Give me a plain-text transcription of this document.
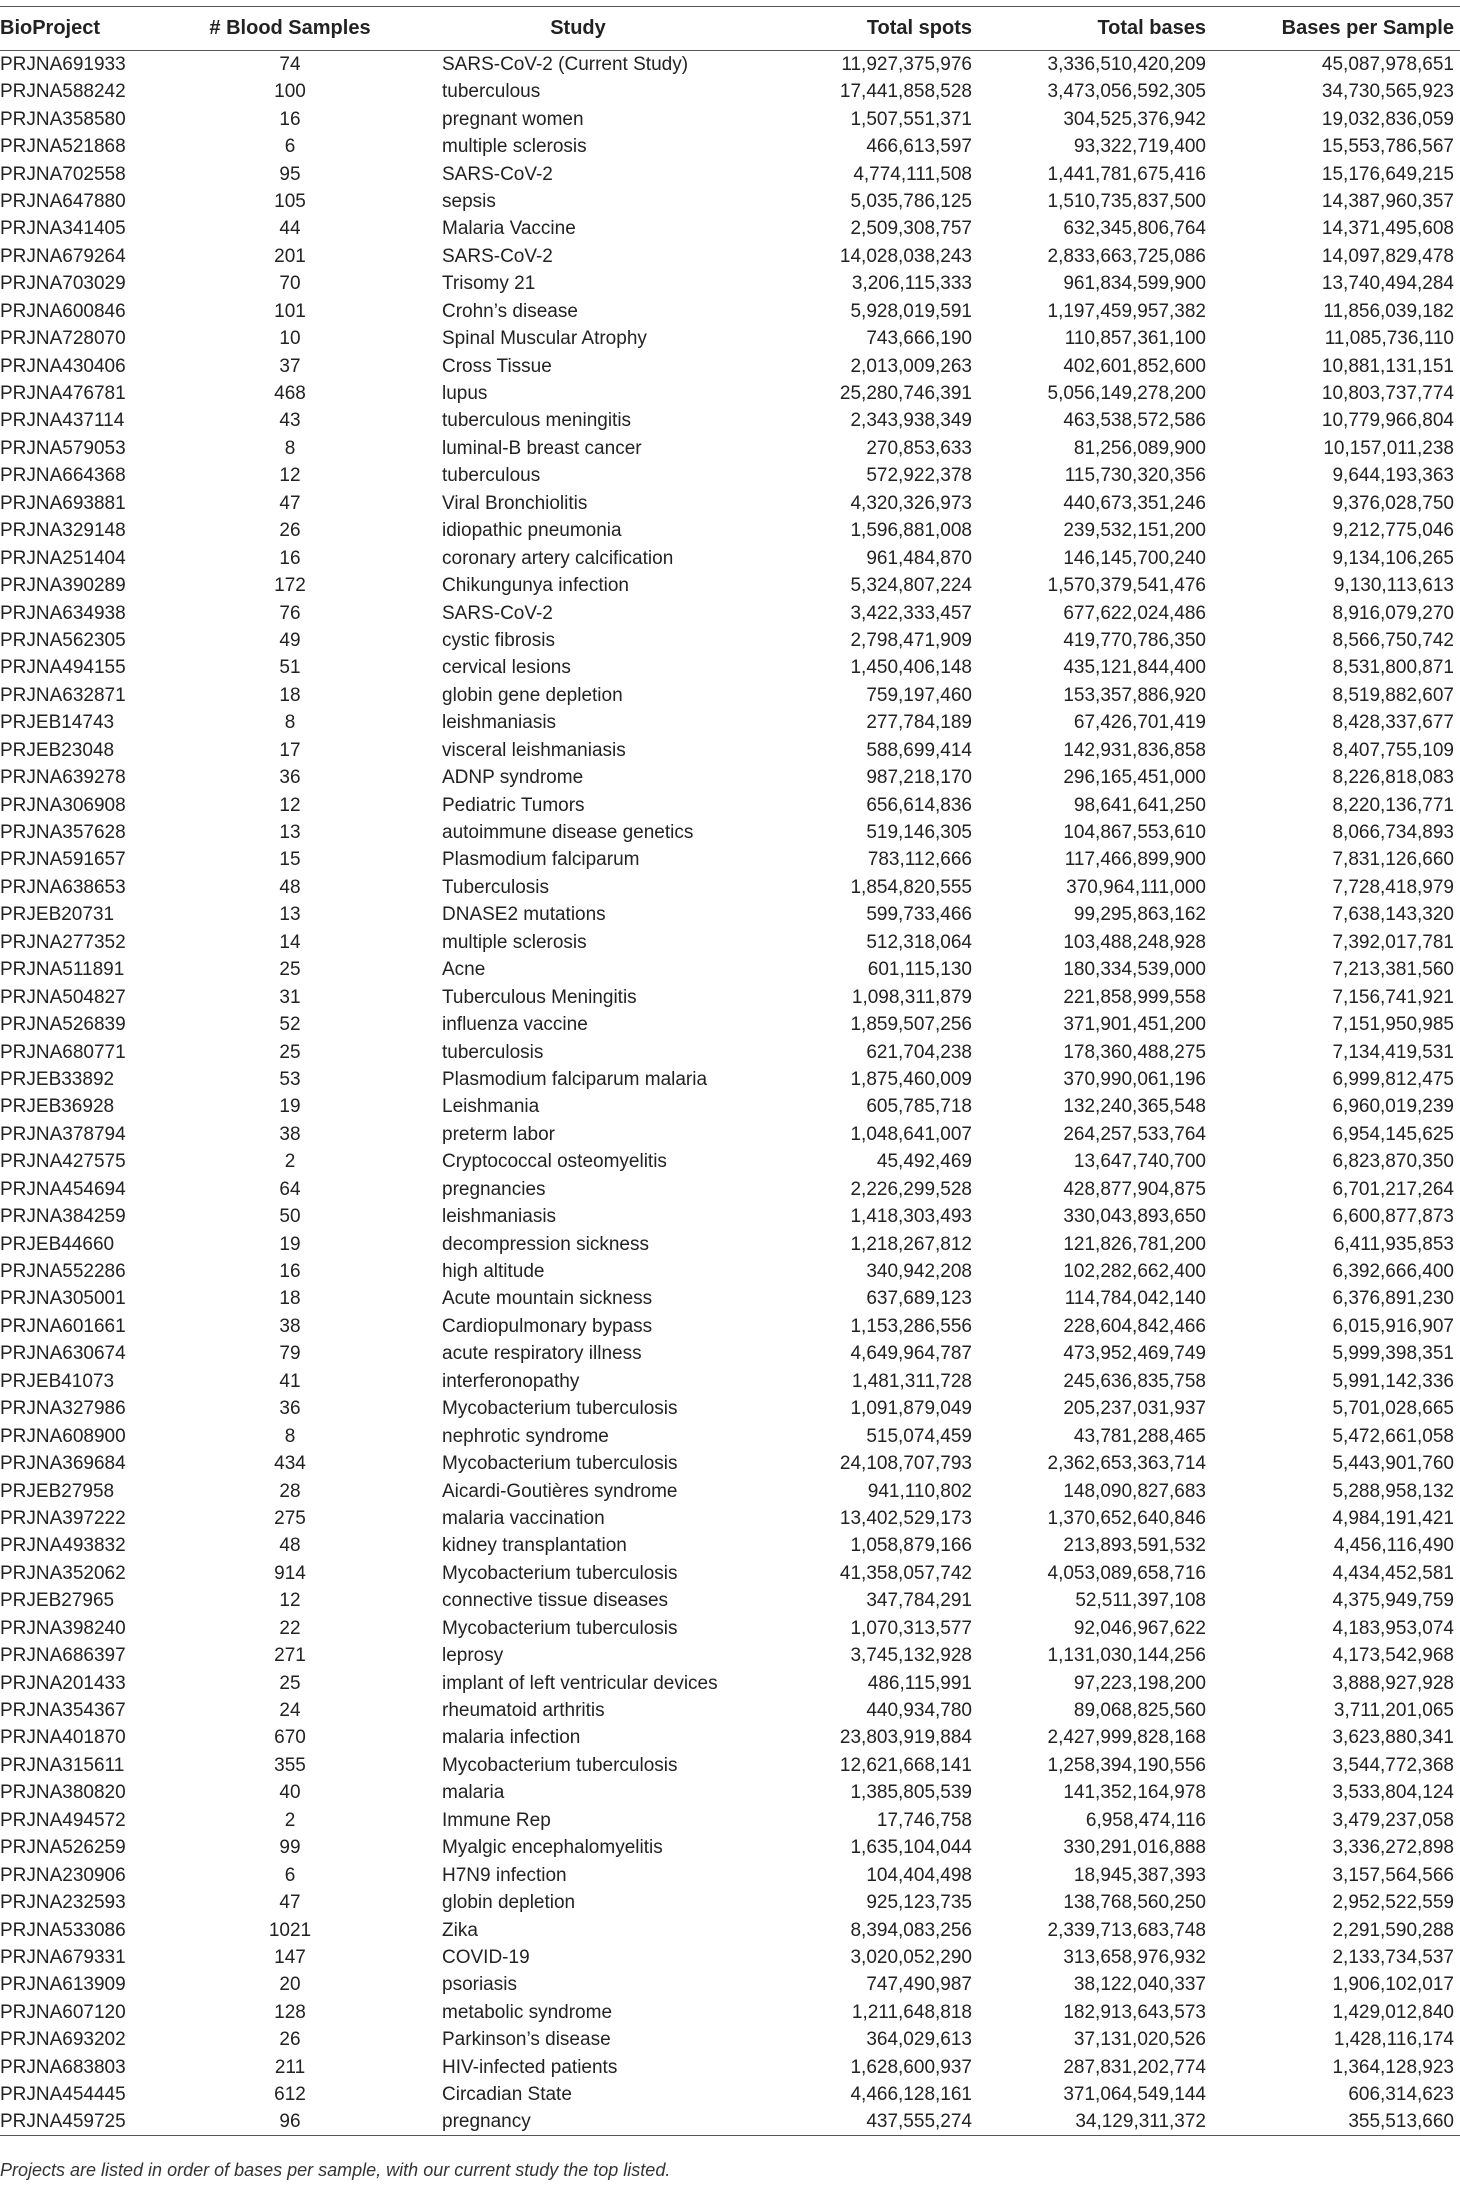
BioProject	# Blood Samples	Study	Total spots	Total bases	Bases per Sample
PRJNA691933	74	SARS-CoV-2 (Current Study)	11,927,375,976	3,336,510,420,209	45,087,978,651
PRJNA588242	100	tuberculous	17,441,858,528	3,473,056,592,305	34,730,565,923
PRJNA358580	16	pregnant women	1,507,551,371	304,525,376,942	19,032,836,059
PRJNA521868	6	multiple sclerosis	466,613,597	93,322,719,400	15,553,786,567
PRJNA702558	95	SARS-CoV-2	4,774,111,508	1,441,781,675,416	15,176,649,215
PRJNA647880	105	sepsis	5,035,786,125	1,510,735,837,500	14,387,960,357
PRJNA341405	44	Malaria Vaccine	2,509,308,757	632,345,806,764	14,371,495,608
PRJNA679264	201	SARS-CoV-2	14,028,038,243	2,833,663,725,086	14,097,829,478
PRJNA703029	70	Trisomy 21	3,206,115,333	961,834,599,900	13,740,494,284
PRJNA600846	101	Crohn’s disease	5,928,019,591	1,197,459,957,382	11,856,039,182
PRJNA728070	10	Spinal Muscular Atrophy	743,666,190	110,857,361,100	11,085,736,110
PRJNA430406	37	Cross Tissue	2,013,009,263	402,601,852,600	10,881,131,151
PRJNA476781	468	lupus	25,280,746,391	5,056,149,278,200	10,803,737,774
PRJNA437114	43	tuberculous meningitis	2,343,938,349	463,538,572,586	10,779,966,804
PRJNA579053	8	luminal-B breast cancer	270,853,633	81,256,089,900	10,157,011,238
PRJNA664368	12	tuberculous	572,922,378	115,730,320,356	9,644,193,363
PRJNA693881	47	Viral Bronchiolitis	4,320,326,973	440,673,351,246	9,376,028,750
PRJNA329148	26	idiopathic pneumonia	1,596,881,008	239,532,151,200	9,212,775,046
PRJNA251404	16	coronary artery calcification	961,484,870	146,145,700,240	9,134,106,265
PRJNA390289	172	Chikungunya infection	5,324,807,224	1,570,379,541,476	9,130,113,613
PRJNA634938	76	SARS-CoV-2	3,422,333,457	677,622,024,486	8,916,079,270
PRJNA562305	49	cystic fibrosis	2,798,471,909	419,770,786,350	8,566,750,742
PRJNA494155	51	cervical lesions	1,450,406,148	435,121,844,400	8,531,800,871
PRJNA632871	18	globin gene depletion	759,197,460	153,357,886,920	8,519,882,607
PRJEB14743	8	leishmaniasis	277,784,189	67,426,701,419	8,428,337,677
PRJEB23048	17	visceral leishmaniasis	588,699,414	142,931,836,858	8,407,755,109
PRJNA639278	36	ADNP syndrome	987,218,170	296,165,451,000	8,226,818,083
PRJNA306908	12	Pediatric Tumors	656,614,836	98,641,641,250	8,220,136,771
PRJNA357628	13	autoimmune disease genetics	519,146,305	104,867,553,610	8,066,734,893
PRJNA591657	15	Plasmodium falciparum	783,112,666	117,466,899,900	7,831,126,660
PRJNA638653	48	Tuberculosis	1,854,820,555	370,964,111,000	7,728,418,979
PRJEB20731	13	DNASE2 mutations	599,733,466	99,295,863,162	7,638,143,320
PRJNA277352	14	multiple sclerosis	512,318,064	103,488,248,928	7,392,017,781
PRJNA511891	25	Acne	601,115,130	180,334,539,000	7,213,381,560
PRJNA504827	31	Tuberculous Meningitis	1,098,311,879	221,858,999,558	7,156,741,921
PRJNA526839	52	influenza vaccine	1,859,507,256	371,901,451,200	7,151,950,985
PRJNA680771	25	tuberculosis	621,704,238	178,360,488,275	7,134,419,531
PRJEB33892	53	Plasmodium falciparum malaria	1,875,460,009	370,990,061,196	6,999,812,475
PRJEB36928	19	Leishmania	605,785,718	132,240,365,548	6,960,019,239
PRJNA378794	38	preterm labor	1,048,641,007	264,257,533,764	6,954,145,625
PRJNA427575	2	Cryptococcal osteomyelitis	45,492,469	13,647,740,700	6,823,870,350
PRJNA454694	64	pregnancies	2,226,299,528	428,877,904,875	6,701,217,264
PRJNA384259	50	leishmaniasis	1,418,303,493	330,043,893,650	6,600,877,873
PRJEB44660	19	decompression sickness	1,218,267,812	121,826,781,200	6,411,935,853
PRJNA552286	16	high altitude	340,942,208	102,282,662,400	6,392,666,400
PRJNA305001	18	Acute mountain sickness	637,689,123	114,784,042,140	6,376,891,230
PRJNA601661	38	Cardiopulmonary bypass	1,153,286,556	228,604,842,466	6,015,916,907
PRJNA630674	79	acute respiratory illness	4,649,964,787	473,952,469,749	5,999,398,351
PRJEB41073	41	interferonopathy	1,481,311,728	245,636,835,758	5,991,142,336
PRJNA327986	36	Mycobacterium tuberculosis	1,091,879,049	205,237,031,937	5,701,028,665
PRJNA608900	8	nephrotic syndrome	515,074,459	43,781,288,465	5,472,661,058
PRJNA369684	434	Mycobacterium tuberculosis	24,108,707,793	2,362,653,363,714	5,443,901,760
PRJEB27958	28	Aicardi-Goutières syndrome	941,110,802	148,090,827,683	5,288,958,132
PRJNA397222	275	malaria vaccination	13,402,529,173	1,370,652,640,846	4,984,191,421
PRJNA493832	48	kidney transplantation	1,058,879,166	213,893,591,532	4,456,116,490
PRJNA352062	914	Mycobacterium tuberculosis	41,358,057,742	4,053,089,658,716	4,434,452,581
PRJEB27965	12	connective tissue diseases	347,784,291	52,511,397,108	4,375,949,759
PRJNA398240	22	Mycobacterium tuberculosis	1,070,313,577	92,046,967,622	4,183,953,074
PRJNA686397	271	leprosy	3,745,132,928	1,131,030,144,256	4,173,542,968
PRJNA201433	25	implant of left ventricular devices	486,115,991	97,223,198,200	3,888,927,928
PRJNA354367	24	rheumatoid arthritis	440,934,780	89,068,825,560	3,711,201,065
PRJNA401870	670	malaria infection	23,803,919,884	2,427,999,828,168	3,623,880,341
PRJNA315611	355	Mycobacterium tuberculosis	12,621,668,141	1,258,394,190,556	3,544,772,368
PRJNA380820	40	malaria	1,385,805,539	141,352,164,978	3,533,804,124
PRJNA494572	2	Immune Rep	17,746,758	6,958,474,116	3,479,237,058
PRJNA526259	99	Myalgic encephalomyelitis	1,635,104,044	330,291,016,888	3,336,272,898
PRJNA230906	6	H7N9 infection	104,404,498	18,945,387,393	3,157,564,566
PRJNA232593	47	globin depletion	925,123,735	138,768,560,250	2,952,522,559
PRJNA533086	1021	Zika	8,394,083,256	2,339,713,683,748	2,291,590,288
PRJNA679331	147	COVID-19	3,020,052,290	313,658,976,932	2,133,734,537
PRJNA613909	20	psoriasis	747,490,987	38,122,040,337	1,906,102,017
PRJNA607120	128	metabolic syndrome	1,211,648,818	182,913,643,573	1,429,012,840
PRJNA693202	26	Parkinson’s disease	364,029,613	37,131,020,526	1,428,116,174
PRJNA683803	211	HIV-infected patients	1,628,600,937	287,831,202,774	1,364,128,923
PRJNA454445	612	Circadian State	4,466,128,161	371,064,549,144	606,314,623
PRJNA459725	96	pregnancy	437,555,274	34,129,311,372	355,513,660
Projects are listed in order of bases per sample, with our current study the top listed.
